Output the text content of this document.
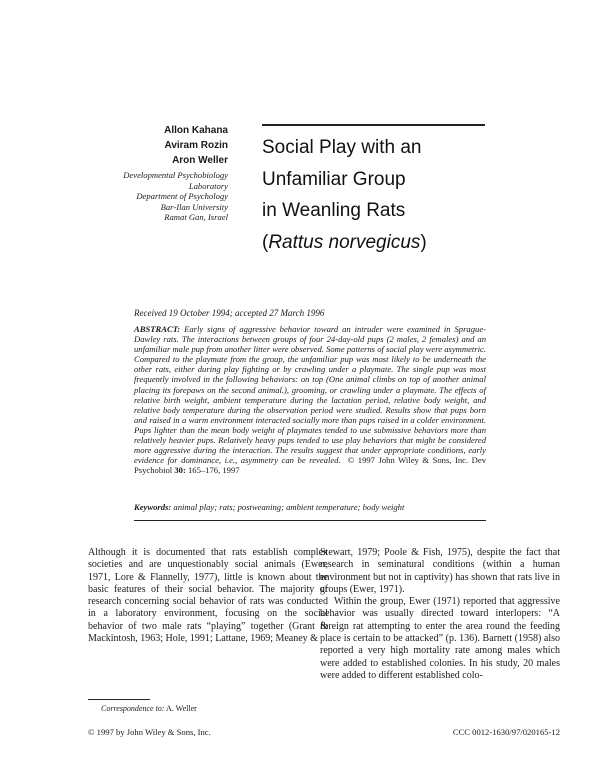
Allon Kahana
Aviram Rozin
Aron Weller
Developmental Psychobiology
Laboratory
Department of Psychology
Bar-Ilan University
Ramat Gan, Israel
Social Play with an
Unfamiliar Group
in Weanling Rats
(Rattus norvegicus)
Received 19 October 1994; accepted 27 March 1996

ABSTRACT: Early signs of aggressive behavior toward an intruder were examined in Sprague-Dawley rats. The interactions between groups of four 24-day-old pups (2 males, 2 females) and an unfamiliar male pup from another litter were observed. Some patterns of social play were asymmetric. Compared to the playmate from the group, the unfamiliar pup was most likely to be underneath the other rats, either during play fighting or by crawling under a playmate. The single pup was most frequently involved in the following behaviors: on top (One animal climbs on top of another animal placing its forepaws on the second animal.), grooming, or crawling under a playmate. The effects of relative birth weight, ambient temperature during the lactation period, relative body weight, and relative body temperature during the observation period were studied. Results show that pups born and raised in a warm environment interacted socially more than pups raised in a colder environment. Pups lighter than the mean body weight of playmates tended to use submissive behaviors more than relatively heavier pups. Relatively heavy pups tended to use play behaviors that might be considered more aggressive during the interaction. The results suggest that under appropriate conditions, early evidence for dominance, i.e., asymmetry can be revealed. © 1997 John Wiley & Sons, Inc. Dev Psychobiol 30: 165–176, 1997

Keywords: animal play; rats; postweaning; ambient temperature; body weight

Although it is documented that rats establish complex societies and are unquestionably social animals (Ewer, 1971, Lore & Flannelly, 1977), little is known about the basic features of their social behavior. The majority of research concerning social behavior of rats was conducted in a laboratory environment, focusing on the social behavior of two male rats “playing” together (Grant & Mackintosh, 1963; Hole, 1991; Lattane, 1969; Meaney &

Stewart, 1979; Poole & Fish, 1975), despite the fact that research in seminatural conditions (within a human environment but not in captivity) has shown that rats live in groups (Ewer, 1971).

Within the group, Ewer (1971) reported that aggressive behavior was usually directed toward interlopers: “A foreign rat attempting to enter the area round the feeding place is certain to be attacked” (p. 136). Barnett (1958) also reported a very high mortality rate among males which were added to established colonies. In his study, 20 males were added to different established colo-

Correspondence to: A. Weller
© 1997 by John Wiley & Sons, Inc.	CCC 0012-1630/97/020165-12
